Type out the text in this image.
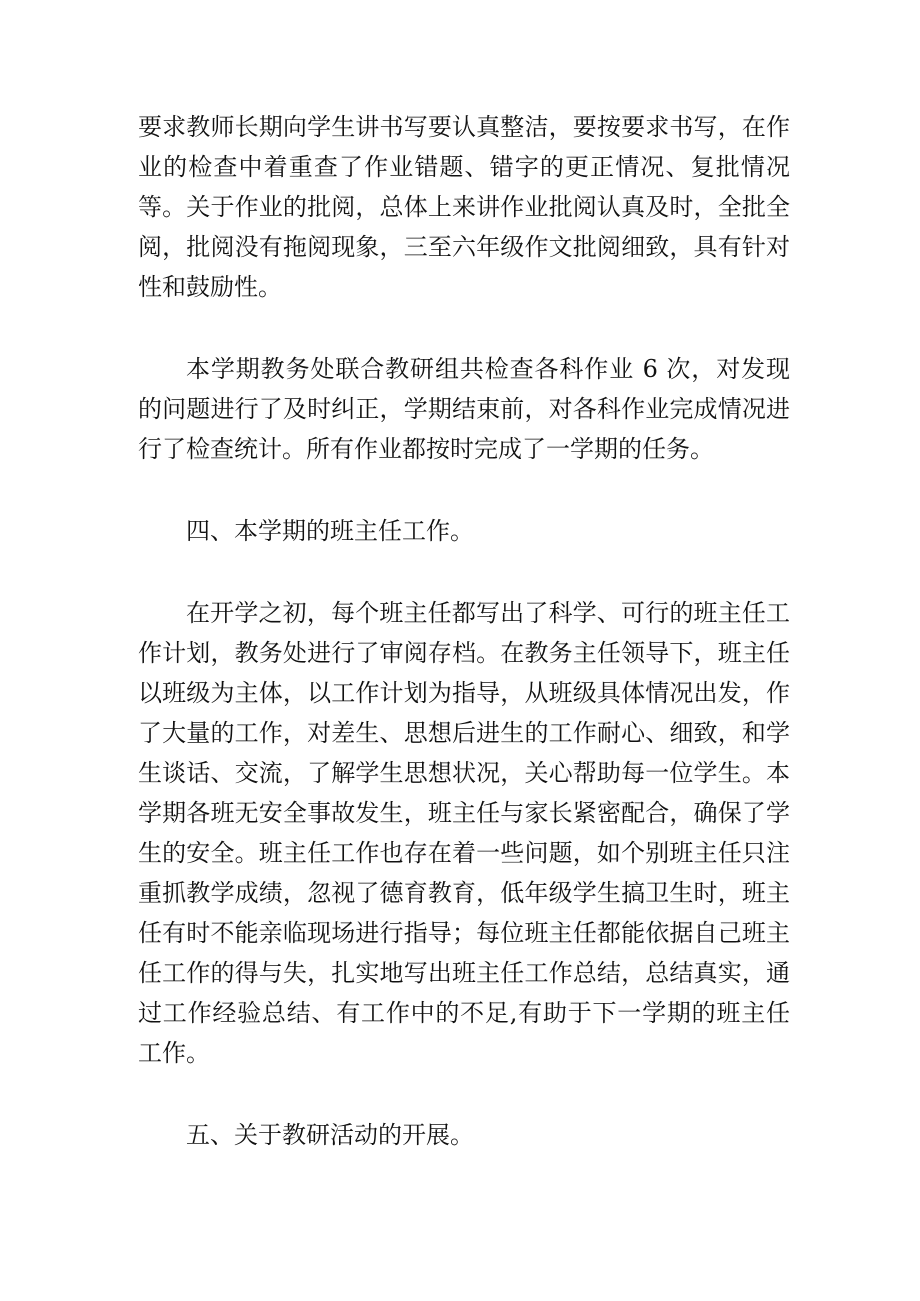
要求教师长期向学生讲书写要认真整洁，要按要求书写，在作业的检查中着重查了作业错题、错字的更正情况、复批情况等。关于作业的批阅，总体上来讲作业批阅认真及时，全批全阅，批阅没有拖阅现象，三至六年级作文批阅细致，具有针对性和鼓励性。

本学期教务处联合教研组共检查各科作业 6 次，对发现的问题进行了及时纠正，学期结束前，对各科作业完成情况进行了检查统计。所有作业都按时完成了一学期的任务。

四、本学期的班主任工作。

在开学之初，每个班主任都写出了科学、可行的班主任工作计划，教务处进行了审阅存档。在教务主任领导下，班主任以班级为主体，以工作计划为指导，从班级具体情况出发，作了大量的工作，对差生、思想后进生的工作耐心、细致，和学生谈话、交流，了解学生思想状况，关心帮助每一位学生。本学期各班无安全事故发生，班主任与家长紧密配合，确保了学生的安全。班主任工作也存在着一些问题，如个别班主任只注重抓教学成绩，忽视了德育教育，低年级学生搞卫生时，班主任有时不能亲临现场进行指导；每位班主任都能依据自己班主任工作的得与失，扎实地写出班主任工作总结，总结真实，通过工作经验总结、有工作中的不足,有助于下一学期的班主任工作。

五、关于教研活动的开展。
